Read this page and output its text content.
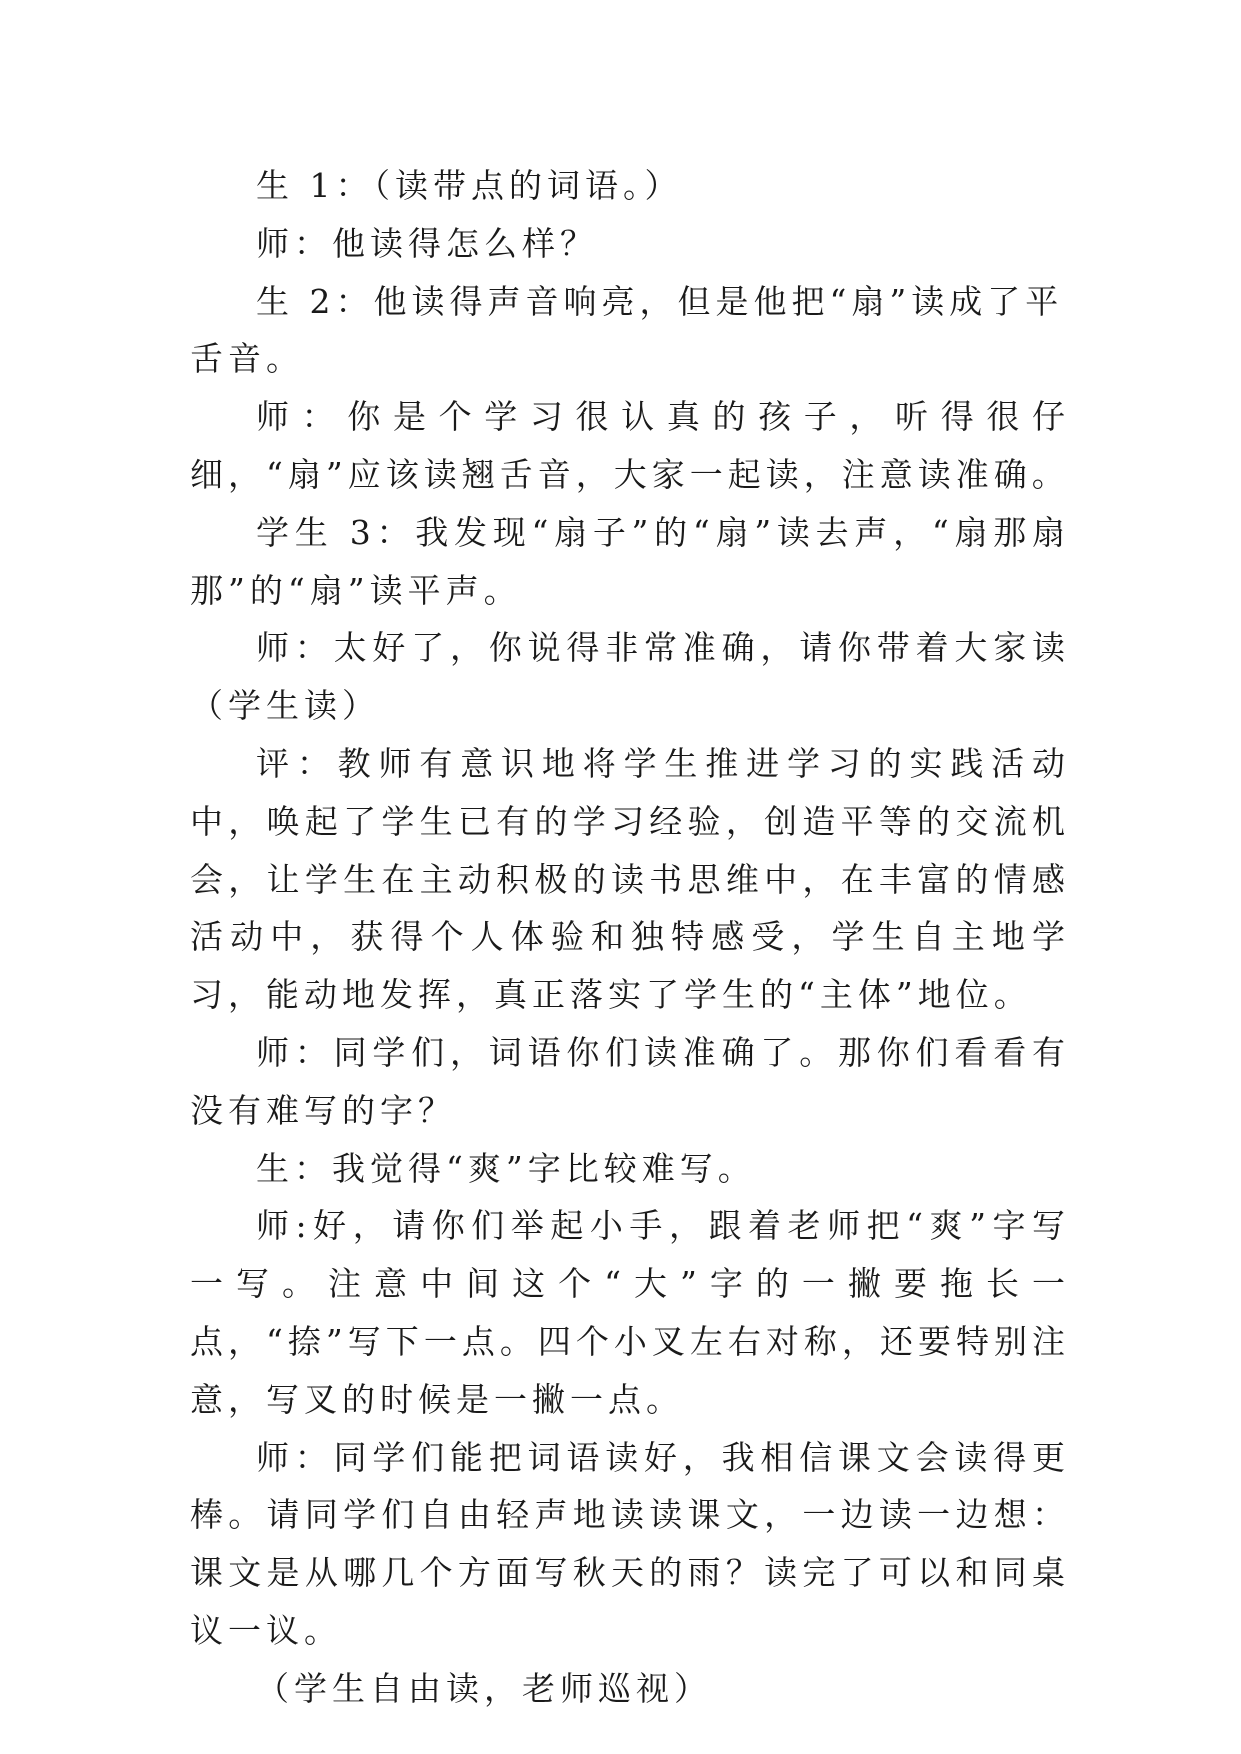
生 1：（读带点的词语。）

师：他读得怎么样？

生 2：他读得声音响亮，但是他把“扇”读成了平舌音。

师：你是个学习很认真的孩子，听得很仔细，“扇”应该读翘舌音，大家一起读，注意读准确。

学生 3：我发现“扇子”的“扇”读去声，“扇那扇那”的“扇”读平声。

师：太好了，你说得非常准确，请你带着大家读（学生读）

评：教师有意识地将学生推进学习的实践活动中，唤起了学生已有的学习经验，创造平等的交流机会，让学生在主动积极的读书思维中，在丰富的情感活动中，获得个人体验和独特感受，学生自主地学习，能动地发挥，真正落实了学生的“主体”地位。

师：同学们，词语你们读准确了。那你们看看有没有难写的字？

生：我觉得“爽”字比较难写。

师:好，请你们举起小手，跟着老师把“爽”字写一写。注意中间这个“大”字的一撇要拖长一点，“捺”写下一点。四个小叉左右对称，还要特别注意，写叉的时候是一撇一点。

师：同学们能把词语读好，我相信课文会读得更棒。请同学们自由轻声地读读课文，一边读一边想：课文是从哪几个方面写秋天的雨？读完了可以和同桌议一议。

（学生自由读，老师巡视）
